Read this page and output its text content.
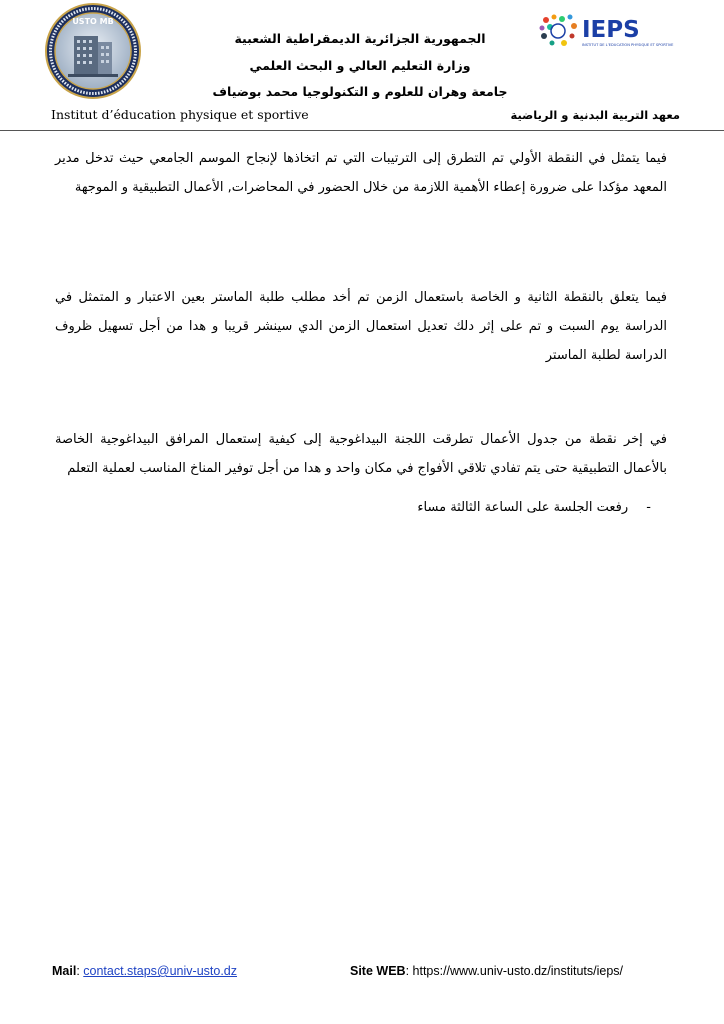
USTO MB	IEPS
INSTITUT DE L’EDUCATION PHYSIQUE ET SPORTIVE
الجمهورية الجزائرية الديمقراطية الشعبية
وزارة التعليم العالي و البحث العلمي
جامعة وهران للعلوم و التكنولوجيا محمد بوضياف
Institut d’éducation physique et sportive	معهد التربية البدنية و الرياضية

فيما يتمثل في النقطة الأولي تم التطرق إلى الترتيبات التي تم اتخاذها لإنجاح الموسم الجامعي حيث تدخل مدير المعهد مؤكدا على ضرورة إعطاء الأهمية اللازمة من خلال الحضور في المحاضرات, الأعمال التطبيقية و الموجهة

فيما يتعلق بالنقطة الثانية و الخاصة باستعمال الزمن تم أخد مطلب طلبة الماستر بعين الاعتبار و المتمثل في الدراسة يوم السبت و تم على إثر دلك تعديل استعمال الزمن الدي سينشر قريبا و هدا من أجل تسهيل ظروف الدراسة لطلبة الماستر

في إخر نقطة من جدول الأعمال تطرقت اللجنة البيداغوجية إلى كيفية إستعمال المرافق البيداغوجية الخاصة بالأعمال التطبيقية حتى يتم تفادي تلاقي الأفواج في مكان واحد و هدا من أجل توفير المناخ المناسب لعملية التعلم

- رفعت الجلسة على الساعة الثالثة مساء
Mail: contact.staps@univ-usto.dz	Site WEB: https://www.univ-usto.dz/instituts/ieps/
